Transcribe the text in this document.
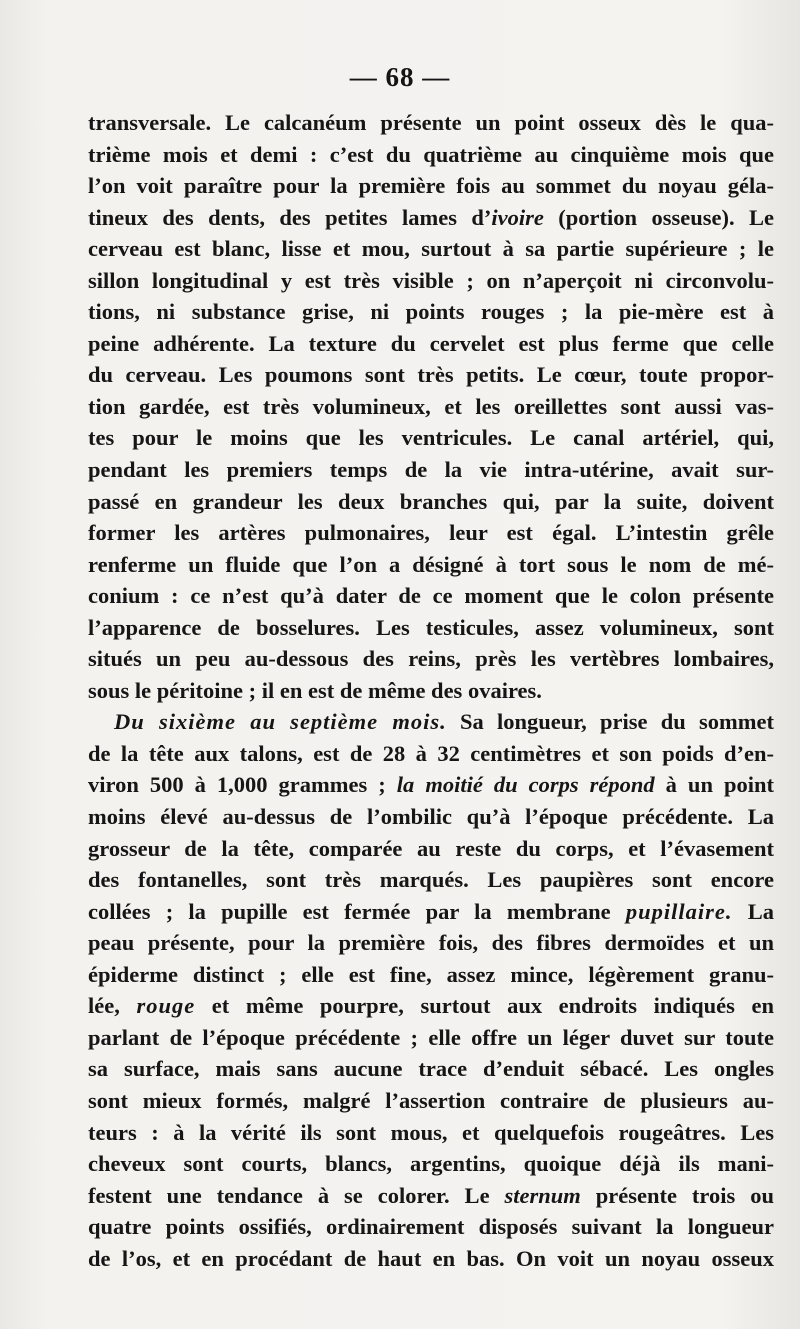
— 68 —
transversale. Le calcanéum présente un point osseux dès le qua-
trième mois et demi : c’est du quatrième au cinquième mois que
l’on voit paraître pour la première fois au sommet du noyau géla-
tineux des dents, des petites lames d’ivoire (portion osseuse). Le
cerveau est blanc, lisse et mou, surtout à sa partie supérieure ; le
sillon longitudinal y est très visible ; on n’aperçoit ni circonvolu-
tions, ni substance grise, ni points rouges ; la pie-mère est à
peine adhérente. La texture du cervelet est plus ferme que celle
du cerveau. Les poumons sont très petits. Le cœur, toute propor-
tion gardée, est très volumineux, et les oreillettes sont aussi vas-
tes pour le moins que les ventricules. Le canal artériel, qui,
pendant les premiers temps de la vie intra-utérine, avait sur-
passé en grandeur les deux branches qui, par la suite, doivent
former les artères pulmonaires, leur est égal. L’intestin grêle
renferme un fluide que l’on a désigné à tort sous le nom de mé-
conium : ce n’est qu’à dater de ce moment que le colon présente
l’apparence de bosselures. Les testicules, assez volumineux, sont
situés un peu au-dessous des reins, près les vertèbres lombaires,
sous le péritoine ; il en est de même des ovaires.
Du sixième au septième mois. Sa longueur, prise du sommet
de la tête aux talons, est de 28 à 32 centimètres et son poids d’en-
viron 500 à 1,000 grammes ; la moitié du corps répond à un point
moins élevé au-dessus de l’ombilic qu’à l’époque précédente. La
grosseur de la tête, comparée au reste du corps, et l’évasement
des fontanelles, sont très marqués. Les paupières sont encore
collées ; la pupille est fermée par la membrane pupillaire. La
peau présente, pour la première fois, des fibres dermoïdes et un
épiderme distinct ; elle est fine, assez mince, légèrement granu-
lée, rouge et même pourpre, surtout aux endroits indiqués en
parlant de l’époque précédente ; elle offre un léger duvet sur toute
sa surface, mais sans aucune trace d’enduit sébacé. Les ongles
sont mieux formés, malgré l’assertion contraire de plusieurs au-
teurs : à la vérité ils sont mous, et quelquefois rougeâtres. Les
cheveux sont courts, blancs, argentins, quoique déjà ils mani-
festent une tendance à se colorer. Le sternum présente trois ou
quatre points ossifiés, ordinairement disposés suivant la longueur
de l’os, et en procédant de haut en bas. On voit un noyau osseux
